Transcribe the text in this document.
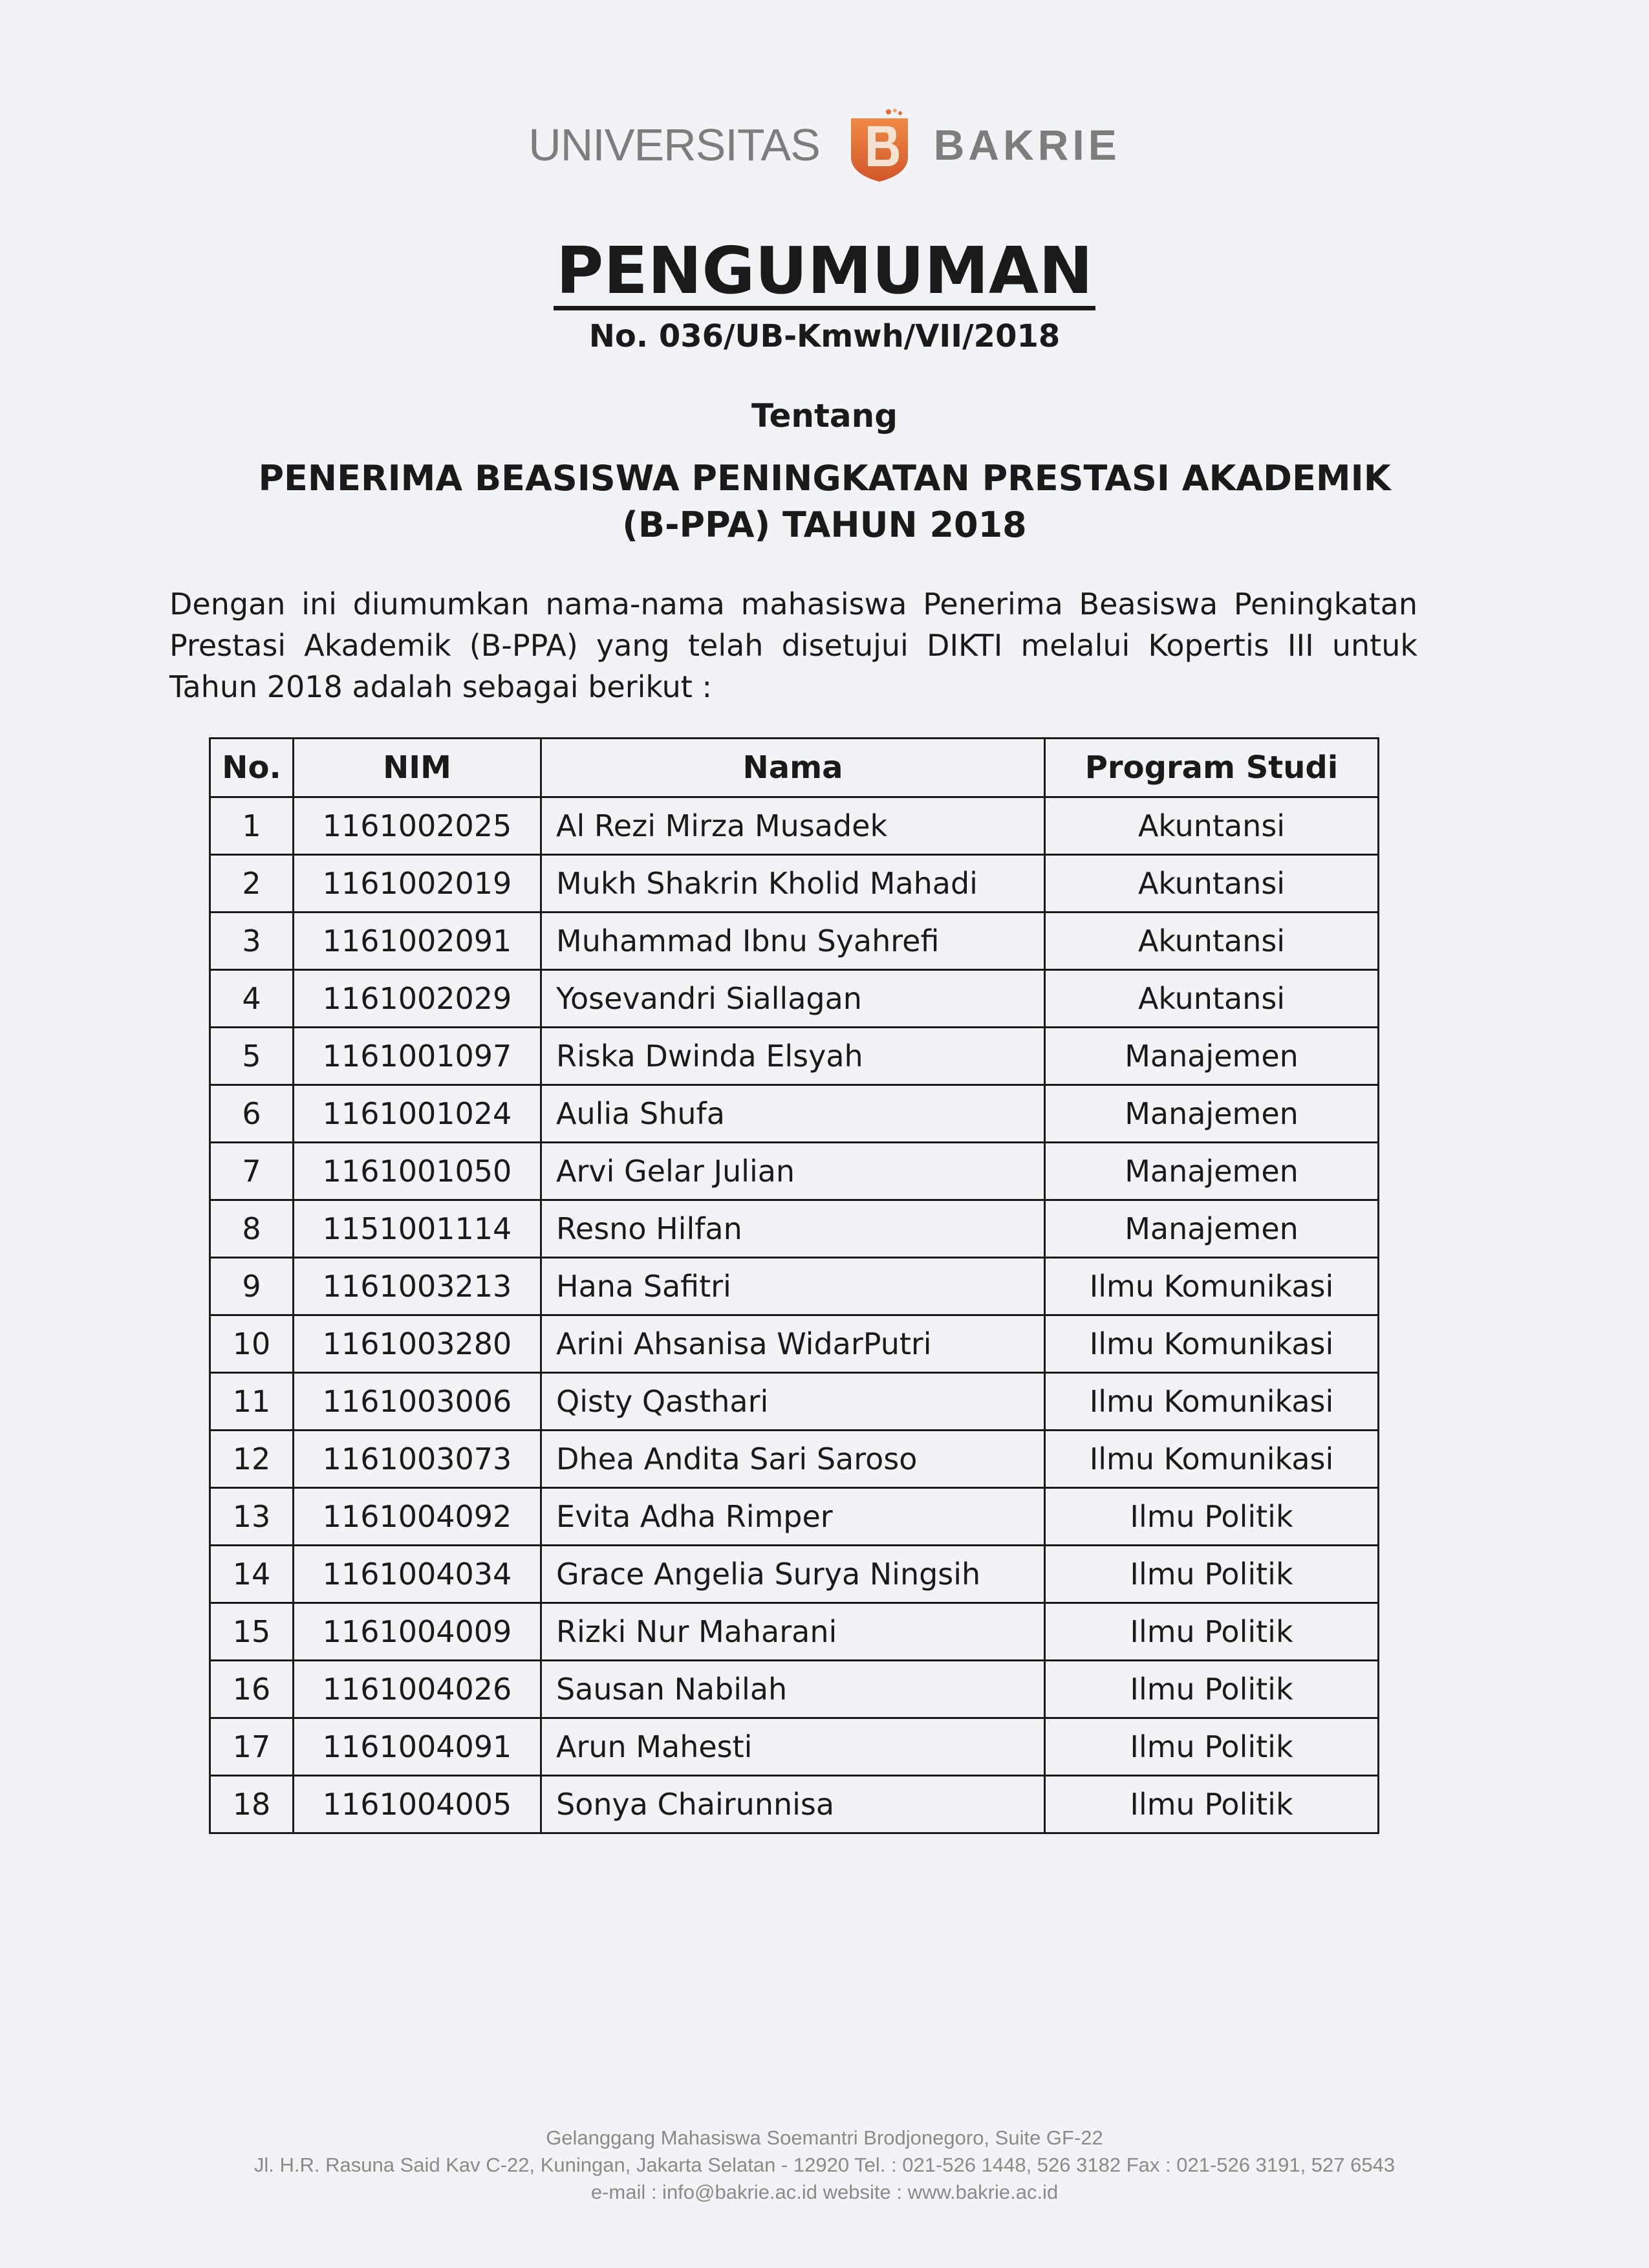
UNIVERSITAS	BAKRIE
PENGUMUMAN
No. 036/UB-Kmwh/VII/2018
Tentang
PENERIMA BEASISWA PENINGKATAN PRESTASI AKADEMIK
(B-PPA) TAHUN 2018
Dengan ini diumumkan nama-nama mahasiswa Penerima Beasiswa Peningkatan Prestasi Akademik (B-PPA) yang telah disetujui DIKTI melalui Kopertis III untuk Tahun 2018 adalah sebagai berikut :
No.	NIM	Nama	Program Studi
1	1161002025	Al Rezi Mirza Musadek	Akuntansi
2	1161002019	Mukh Shakrin Kholid Mahadi	Akuntansi
3	1161002091	Muhammad Ibnu Syahrefi	Akuntansi
4	1161002029	Yosevandri Siallagan	Akuntansi
5	1161001097	Riska Dwinda Elsyah	Manajemen
6	1161001024	Aulia Shufa	Manajemen
7	1161001050	Arvi Gelar Julian	Manajemen
8	1151001114	Resno Hilfan	Manajemen
9	1161003213	Hana Safitri	Ilmu Komunikasi
10	1161003280	Arini Ahsanisa WidarPutri	Ilmu Komunikasi
11	1161003006	Qisty Qasthari	Ilmu Komunikasi
12	1161003073	Dhea Andita Sari Saroso	Ilmu Komunikasi
13	1161004092	Evita Adha Rimper	Ilmu Politik
14	1161004034	Grace Angelia Surya Ningsih	Ilmu Politik
15	1161004009	Rizki Nur Maharani	Ilmu Politik
16	1161004026	Sausan Nabilah	Ilmu Politik
17	1161004091	Arun Mahesti	Ilmu Politik
18	1161004005	Sonya Chairunnisa	Ilmu Politik
Gelanggang Mahasiswa Soemantri Brodjonegoro, Suite GF-22
Jl. H.R. Rasuna Said Kav C-22, Kuningan, Jakarta Selatan - 12920 Tel. : 021-526 1448, 526 3182 Fax : 021-526 3191, 527 6543
e-mail : info@bakrie.ac.id website : www.bakrie.ac.id
